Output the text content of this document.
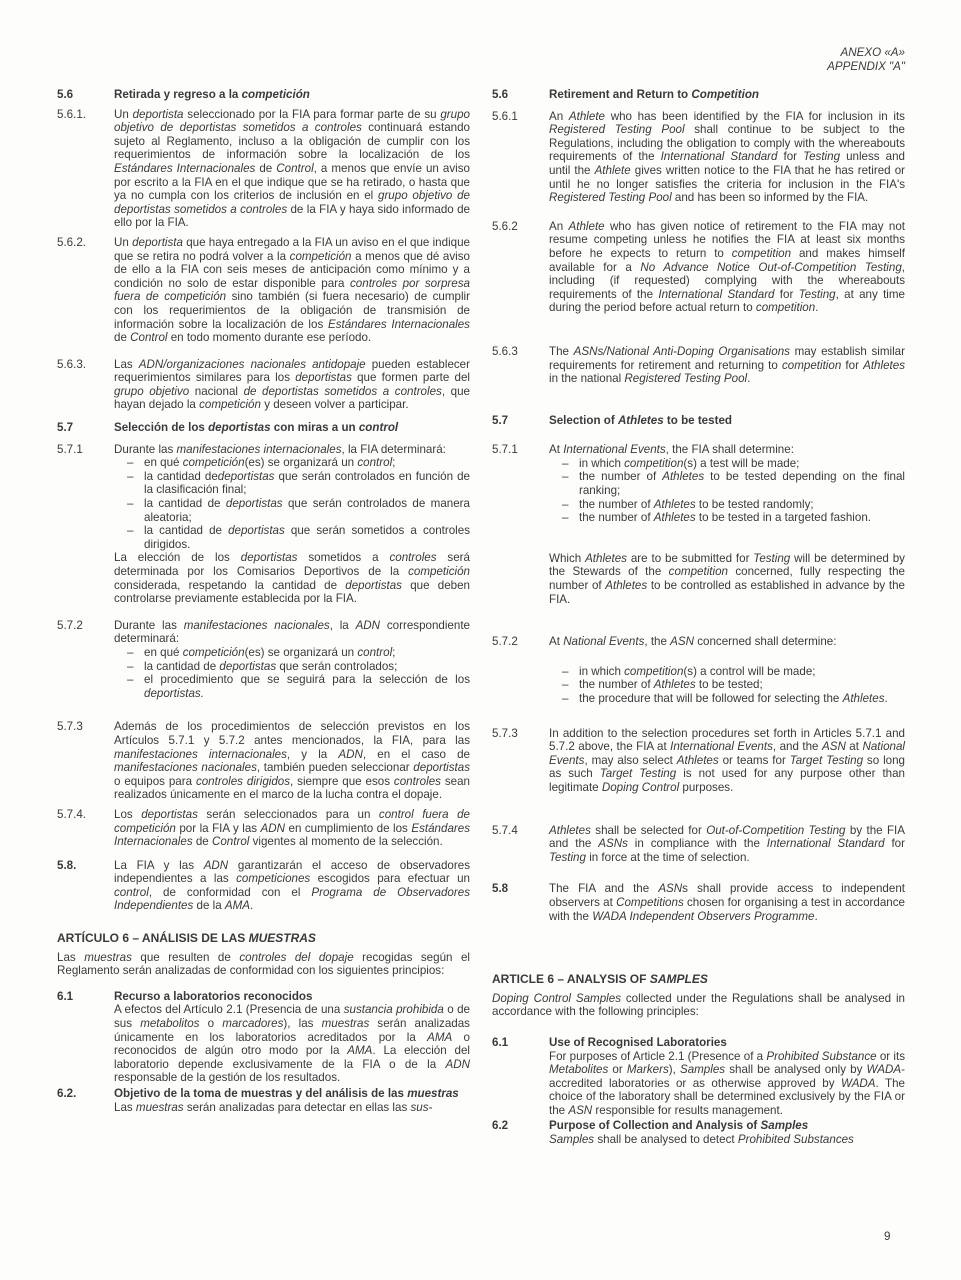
ANEXO «A»
APPENDIX "A"
5.6	Retirada y regreso a la competición
5.6.1. Un deportista seleccionado por la FIA para formar parte de su grupo objetivo de deportistas sometidos a controles continuará estando sujeto al Reglamento, incluso a la obligación de cumplir con los requerimientos de información sobre la localización de los Estándares Internacionales de Control, a menos que envíe un aviso por escrito a la FIA en el que indique que se ha retirado, o hasta que ya no cumpla con los criterios de inclusión en el grupo objetivo de deportistas sometidos a controles de la FIA y haya sido informado de ello por la FIA.
5.6.2. Un deportista que haya entregado a la FIA un aviso en el que indique que se retira no podrá volver a la competición a menos que dé aviso de ello a la FIA con seis meses de anticipación como mínimo y a condición no solo de estar disponible para controles por sorpresa fuera de competición sino también (si fuera necesario) de cumplir con los requerimientos de la obligación de transmisión de información sobre la localización de los Estándares Internacionales de Control en todo momento durante ese período.
5.6.3. Las ADN/organizaciones nacionales antidopaje pueden establecer requerimientos similares para los deportistas que formen parte del grupo objetivo nacional de deportistas sometidos a controles, que hayan dejado la competición y deseen volver a participar.
5.7	Selección de los deportistas con miras a un control
5.7.1	Durante las manifestaciones internacionales, la FIA determinará:
– en qué competición(es) se organizará un control;
– la cantidad dedeportistas que serán controlados en función de la clasificación final;
– la cantidad de deportistas que serán controlados de manera aleatoria;
– la cantidad de deportistas que serán sometidos a controles dirigidos.
La elección de los deportistas sometidos a controles será determinada por los Comisarios Deportivos de la competición considerada, respetando la cantidad de deportistas que deben controlarse previamente establecida por la FIA.
5.7.2	Durante las manifestaciones nacionales, la ADN correspondiente determinará:
– en qué competición(es) se organizará un control;
– la cantidad de deportistas que serán controlados;
– el procedimiento que se seguirá para la selección de los deportistas.
5.7.3	Además de los procedimientos de selección previstos en los Artículos 5.7.1 y 5.7.2 antes mencionados, la FIA, para las manifestaciones internacionales, y la ADN, en el caso de manifestaciones nacionales, también pueden seleccionar deportistas o equipos para controles dirigidos, siempre que esos controles sean realizados únicamente en el marco de la lucha contra el dopaje.
5.7.4. Los deportistas serán seleccionados para un control fuera de competición por la FIA y las ADN en cumplimiento de los Estándares Internacionales de Control vigentes al momento de la selección.
5.8.	La FIA y las ADN garantizarán el acceso de observadores independientes a las competiciones escogidos para efectuar un control, de conformidad con el Programa de Observadores Independientes de la AMA.
ARTÍCULO 6 – ANÁLISIS DE LAS MUESTRAS
Las muestras que resulten de controles del dopaje recogidas según el Reglamento serán analizadas de conformidad con los siguientes principios:
6.1	Recurso a laboratorios reconocidos
A efectos del Artículo 2.1 (Presencia de una sustancia prohibida o de sus metabolitos o marcadores), las muestras serán analizadas únicamente en los laboratorios acreditados por la AMA o reconocidos de algún otro modo por la AMA. La elección del laboratorio depende exclusivamente de la FIA o de la ADN responsable de la gestión de los resultados.
6.2.	Objetivo de la toma de muestras y del análisis de las muestras
Las muestras serán analizadas para detectar en ellas las sus-
5.6	Retirement and Return to Competition
5.6.1	An Athlete who has been identified by the FIA for inclusion in its Registered Testing Pool shall continue to be subject to the Regulations, including the obligation to comply with the whereabouts requirements of the International Standard for Testing unless and until the Athlete gives written notice to the FIA that he has retired or until he no longer satisfies the criteria for inclusion in the FIA's Registered Testing Pool and has been so informed by the FIA.
5.6.2	An Athlete who has given notice of retirement to the FIA may not resume competing unless he notifies the FIA at least six months before he expects to return to competition and makes himself available for a No Advance Notice Out-of-Competition Testing, including (if requested) complying with the whereabouts requirements of the International Standard for Testing, at any time during the period before actual return to competition.
5.6.3	The ASNs/National Anti-Doping Organisations may establish similar requirements for retirement and returning to competition for Athletes in the national Registered Testing Pool.
5.7	Selection of Athletes to be tested
5.7.1	At International Events, the FIA shall determine:
– in which competition(s) a test will be made;
– the number of Athletes to be tested depending on the final ranking;
– the number of Athletes to be tested randomly;
– the number of Athletes to be tested in a targeted fashion.
Which Athletes are to be submitted for Testing will be determined by the Stewards of the competition concerned, fully respecting the number of Athletes to be controlled as established in advance by the FIA.
5.7.2	At National Events, the ASN concerned shall determine:
– in which competition(s) a control will be made;
– the number of Athletes to be tested;
– the procedure that will be followed for selecting the Athletes.
5.7.3	In addition to the selection procedures set forth in Articles 5.7.1 and 5.7.2 above, the FIA at International Events, and the ASN at National Events, may also select Athletes or teams for Target Testing so long as such Target Testing is not used for any purpose other than legitimate Doping Control purposes.
5.7.4	Athletes shall be selected for Out-of-Competition Testing by the FIA and the ASNs in compliance with the International Standard for Testing in force at the time of selection.
5.8	The FIA and the ASNs shall provide access to independent observers at Competitions chosen for organising a test in accordance with the WADA Independent Observers Programme.
ARTICLE 6 – ANALYSIS OF SAMPLES
Doping Control Samples collected under the Regulations shall be analysed in accordance with the following principles:
6.1	Use of Recognised Laboratories
For purposes of Article 2.1 (Presence of a Prohibited Substance or its Metabolites or Markers), Samples shall be analysed only by WADA-accredited laboratories or as otherwise approved by WADA. The choice of the laboratory shall be determined exclusively by the FIA or the ASN responsible for results management.
6.2	Purpose of Collection and Analysis of Samples
Samples shall be analysed to detect Prohibited Substances
9
